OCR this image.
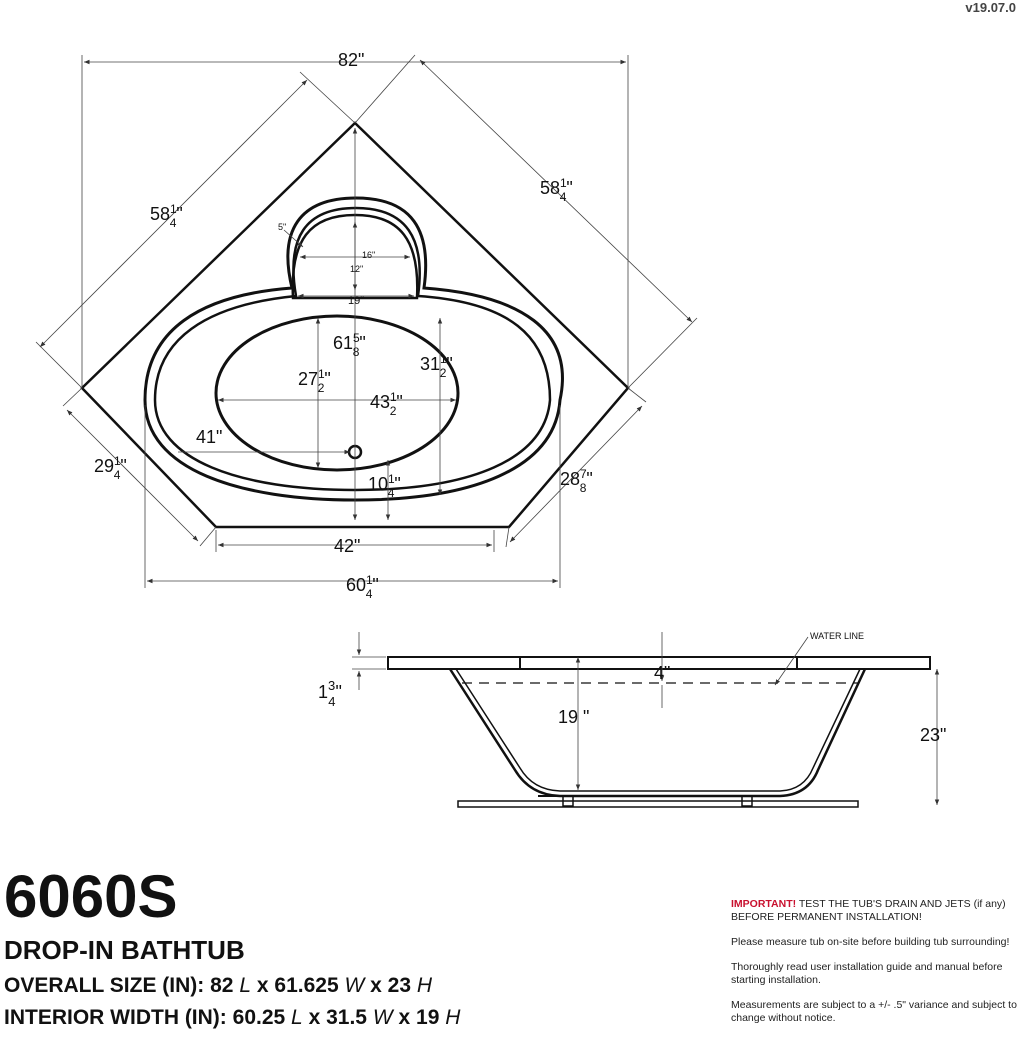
v19.07.0
82"
$58^1$ 4"
$58^1$ 4"
5"
16"
12"
19"
$61^5$ 8"
$27^1$ 2"
$31^1$ 2"
$43^1$ 2"
41"
$10^1$ 4"
$29^1$ 4"
$28^7$ 8"
42"
$60^1$ 4"
WATER LINE
$1^3$ 4"
4"
19 "
23"
6060S
DROP-IN BATHTUB
OVERALL SIZE (IN): 82 L x 61.625 W x 23 H
INTERIOR WIDTH (IN): 60.25 L x 31.5 W x 19 H

IMPORTANT! TEST THE TUB'S DRAIN AND JETS (if any) BEFORE PERMANENT INSTALLATION!

Please measure tub on-site before building tub surrounding!

Thoroughly read user installation guide and manual before starting installation.

Measurements are subject to a +/- .5" variance and subject to change without notice.
